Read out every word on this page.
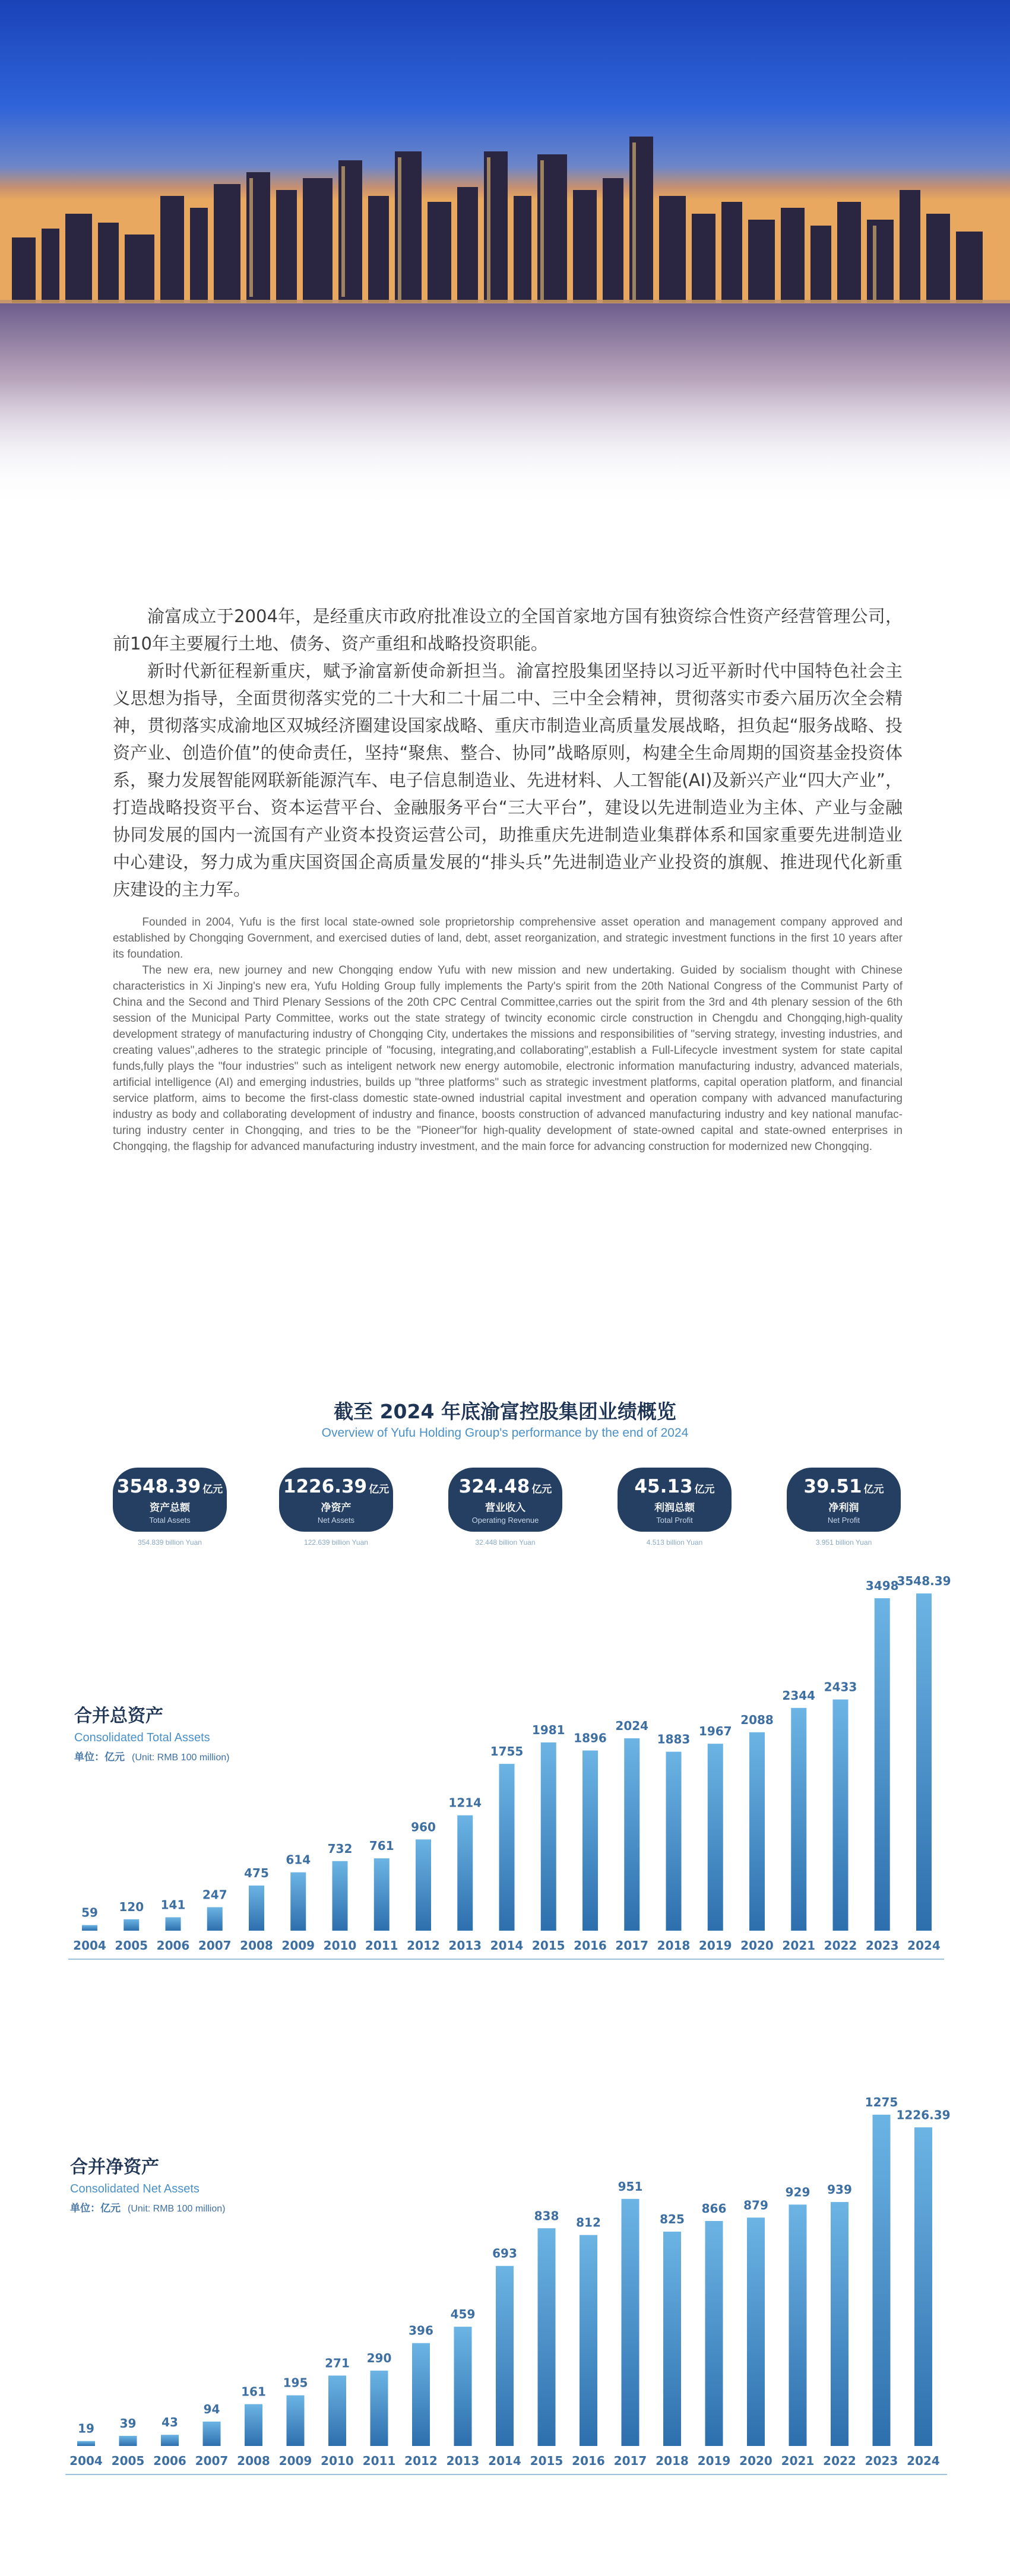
渝富成立于2004年，是经重庆市政府批准设立的全国首家地方国有独资综合性资产经营管理公司，前10年主要履行土地、债务、资产重组和战略投资职能。

新时代新征程新重庆，赋予渝富新使命新担当。渝富控股集团坚持以习近平新时代中国特色社会主义思想为指导，全面贯彻落实党的二十大和二十届二中、三中全会精神，贯彻落实市委六届历次全会精神，贯彻落实成渝地区双城经济圈建设国家战略、重庆市制造业高质量发展战略，担负起“服务战略、投资产业、创造价值”的使命责任，坚持“聚焦、整合、协同”战略原则，构建全生命周期的国资基金投资体系，聚力发展智能网联新能源汽车、电子信息制造业、先进材料、人工智能(AI)及新兴产业“四大产业”，打造战略投资平台、资本运营平台、金融服务平台“三大平台”，建设以先进制造业为主体、产业与金融协同发展的国内一流国有产业资本投资运营公司，助推重庆先进制造业集群体系和国家重要先进制造业中心建设，努力成为重庆国资国企高质量发展的“排头兵”先进制造业产业投资的旗舰、推进现代化新重庆建设的主力军。

Founded in 2004, Yufu is the first local state-owned sole proprietorship comprehensive asset operation and management company approved and established by Chongqing Government, and exercised duties of land, debt, asset reorganization, and strategic investment functions in the first 10 years after its foundation.

The new era, new journey and new Chongqing endow Yufu with new mission and new undertaking. Guided by socialism thought with Chinese characteristics in Xi Jinping's new era, Yufu Holding Group fully implements the Party's spirit from the 20th National Congress of the Communist Party of China and the Second and Third Plenary Sessions of the 20th CPC Central Committee,carries out the spirit from the 3rd and 4th plenary session of the 6th session of the Municipal Party Committee, works out the state strategy of twincity economic circle construction in Chengdu and Chongqing,high-quality development strategy of manufacturing industry of Chongqing City, undertakes the missions and responsibilities of "serving strategy, investing industries, and creating values",adheres to the strategic principle of "focusing, integrating,and collaborating",establish a Full-Lifecycle investment system for state capital funds,fully plays the "four industries" such as inteligent network new energy automobile, electronic information manufacturing industry, advanced materials, artificial intelligence (AI) and emerging industries, builds up "three platforms" such as strategic investment platforms, capital operation platform, and financial service platform, aims to become the first-class domestic state-owned industrial capital investment and operation company with advanced manufacturing industry as body and collaborating development of industry and finance, boosts construction of advanced manufacturing industry and key national manufac-turing industry center in Chongqing, and tries to be the "Pioneer"for high-quality development of state-owned capital and state-owned enterprises in Chongqing, the flagship for advanced manufacturing industry investment, and the main force for advancing construction for modernized new Chongqing.

截至 2024 年底渝富控股集团业绩概览
Overview of Yufu Holding Group's performance by the end of 2024
3548.39 亿元
资产总额
Total Assets
354.839 billion Yuan
1226.39 亿元
净资产
Net Assets
122.639 billion Yuan
324.48 亿元
营业收入
Operating Revenue
32.448 billion Yuan
45.13 亿元
利润总额
Total Profit
4.513 billion Yuan
39.51 亿元
净利润
Net Profit
3.951 billion Yuan
合并总资产
Consolidated Total Assets
单位：亿元 (Unit: RMB 100 million)
59
2004
120
2005
141
2006
247
2007
475
2008
614
2009
732
2010
761
2011
960
2012
1214
2013
1755
2014
1981
2015
1896
2016
2024
2017
1883
2018
1967
2019
2088
2020
2344
2021
2433
2022
3498
2023
3548.39
2024
合并净资产
Consolidated Net Assets
单位：亿元 (Unit: RMB 100 million)
19
2004
39
2005
43
2006
94
2007
161
2008
195
2009
271
2010
290
2011
396
2012
459
2013
693
2014
838
2015
812
2016
951
2017
825
2018
866
2019
879
2020
929
2021
939
2022
1275
2023
1226.39
2024
